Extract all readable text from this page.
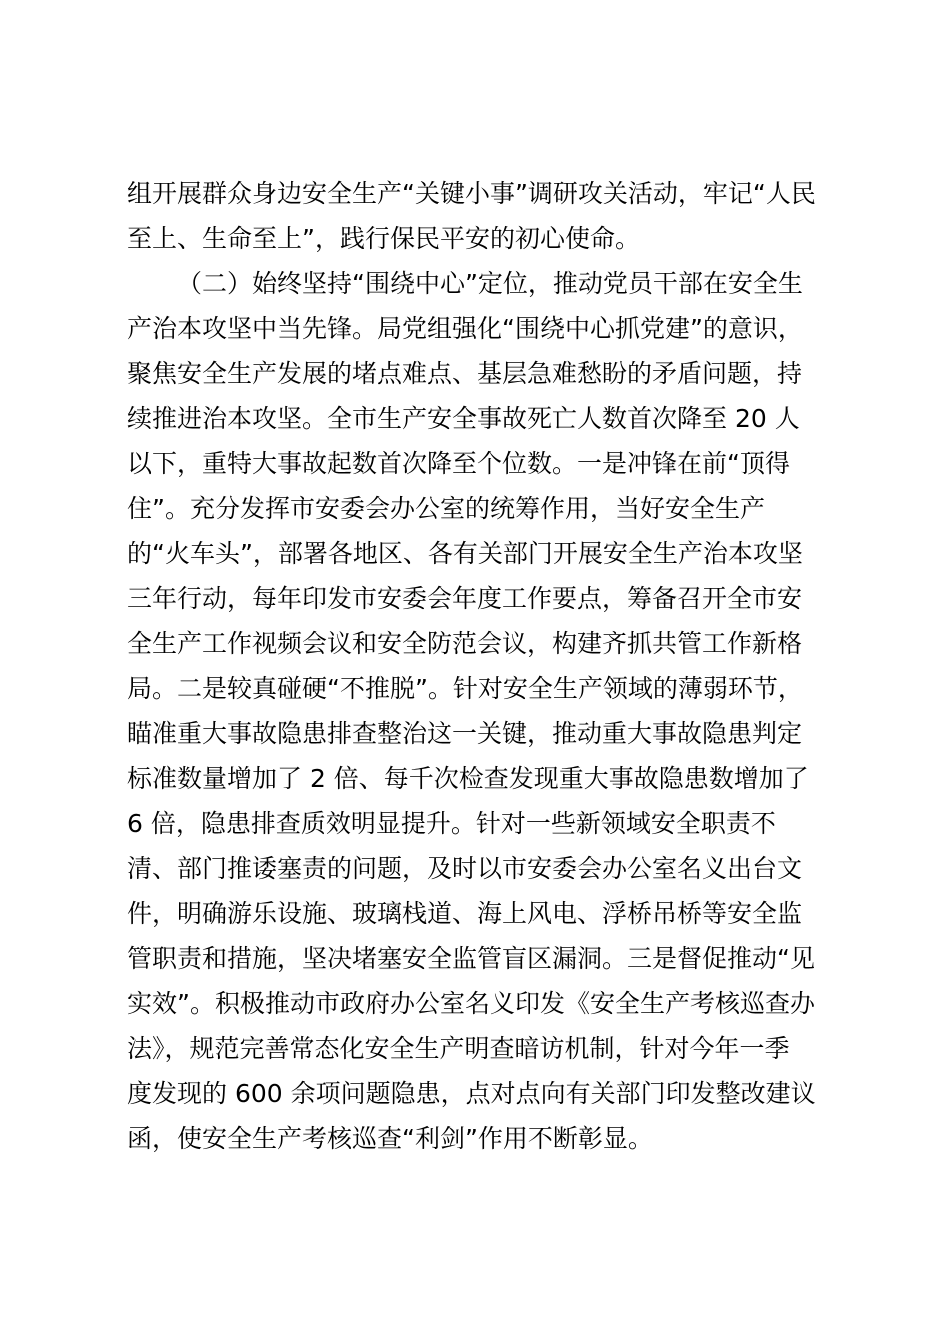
组开展群众身边安全生产“关键小事”调研攻关活动，牢记“人民

至上、生命至上”，践行保民平安的初心使命。

（二）始终坚持“围绕中心”定位，推动党员干部在安全生

产治本攻坚中当先锋。局党组强化“围绕中心抓党建”的意识，

聚焦安全生产发展的堵点难点、基层急难愁盼的矛盾问题，持

续推进治本攻坚。全市生产安全事故死亡人数首次降至 20 人

以下，重特大事故起数首次降至个位数。一是冲锋在前“顶得

住”。充分发挥市安委会办公室的统筹作用，当好安全生产

的“火车头”，部署各地区、各有关部门开展安全生产治本攻坚

三年行动，每年印发市安委会年度工作要点，筹备召开全市安

全生产工作视频会议和安全防范会议，构建齐抓共管工作新格

局。二是较真碰硬“不推脱”。针对安全生产领域的薄弱环节，

瞄准重大事故隐患排查整治这一关键，推动重大事故隐患判定

标准数量增加了 2 倍、每千次检查发现重大事故隐患数增加了

6 倍，隐患排查质效明显提升。针对一些新领域安全职责不

清、部门推诿塞责的问题，及时以市安委会办公室名义出台文

件，明确游乐设施、玻璃栈道、海上风电、浮桥吊桥等安全监

管职责和措施，坚决堵塞安全监管盲区漏洞。三是督促推动“见

实效”。积极推动市政府办公室名义印发《安全生产考核巡查办

法》，规范完善常态化安全生产明查暗访机制，针对今年一季

度发现的 600 余项问题隐患，点对点向有关部门印发整改建议

函，使安全生产考核巡查“利剑”作用不断彰显。
